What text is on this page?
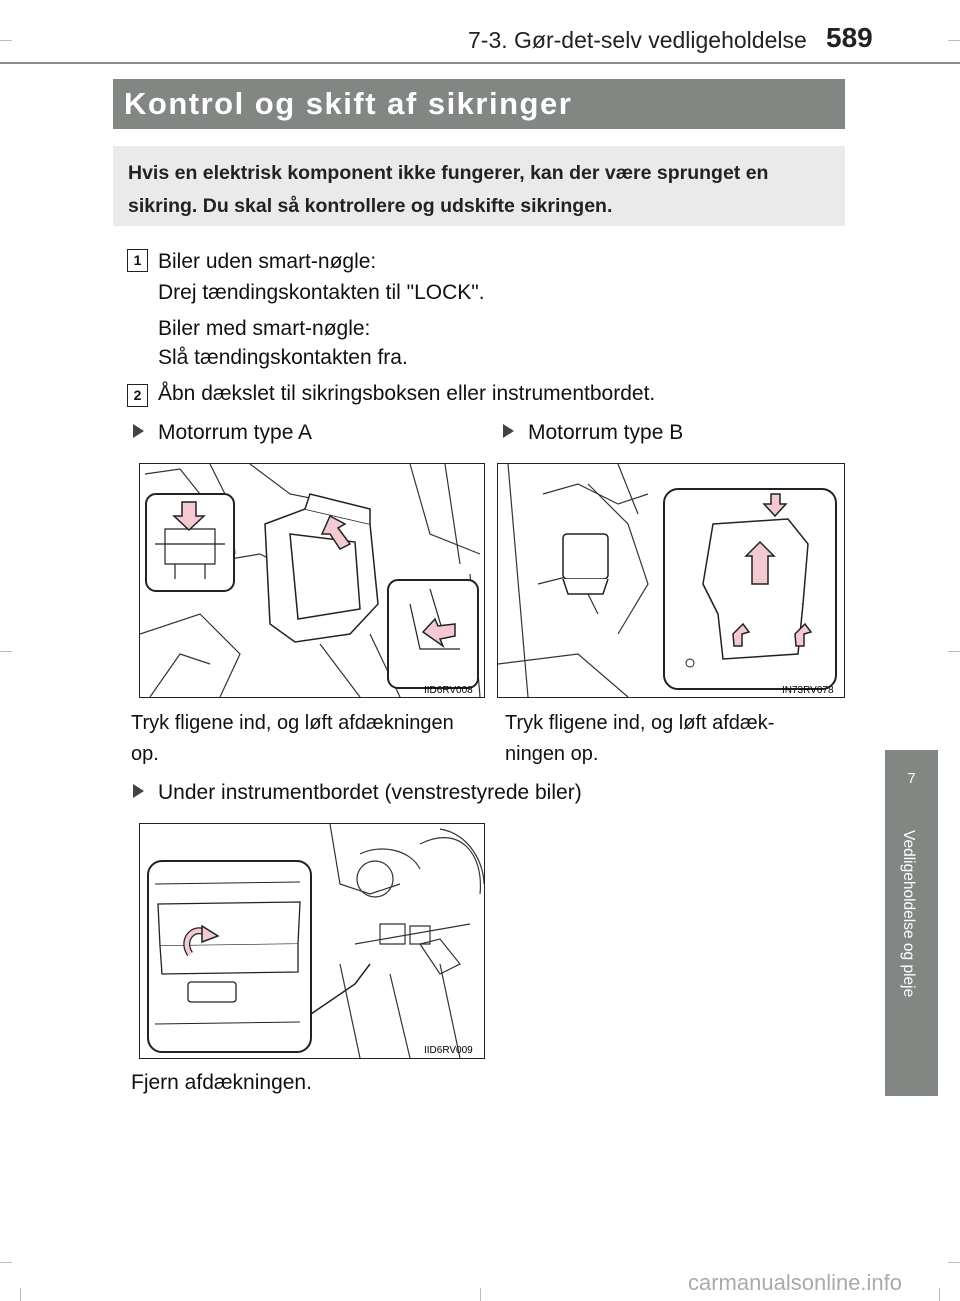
7-3. Gør-det-selv vedligeholdelse 589
Kontrol og skift af sikringer
Hvis en elektrisk komponent ikke fungerer, kan der være sprunget en sikring. Du skal så kontrollere og udskifte sikringen.
1 Biler uden smart-nøgle:
Drej tændingskontakten til "LOCK".
Biler med smart-nøgle:
Slå tændingskontakten fra.
2 Åbn dækslet til sikringsboksen eller instrumentbordet.
Motorrum type A	Motorrum type B
IID6RV008	IN73RV078
Tryk fligene ind, og løft afdækningen
op.
Tryk fligene ind, og løft afdæk-
ningen op.
Under instrumentbordet (venstrestyrede biler)
IID6RV009
Fjern afdækningen.
7
Vedligeholdelse og pleje
carmanualsonline.info
